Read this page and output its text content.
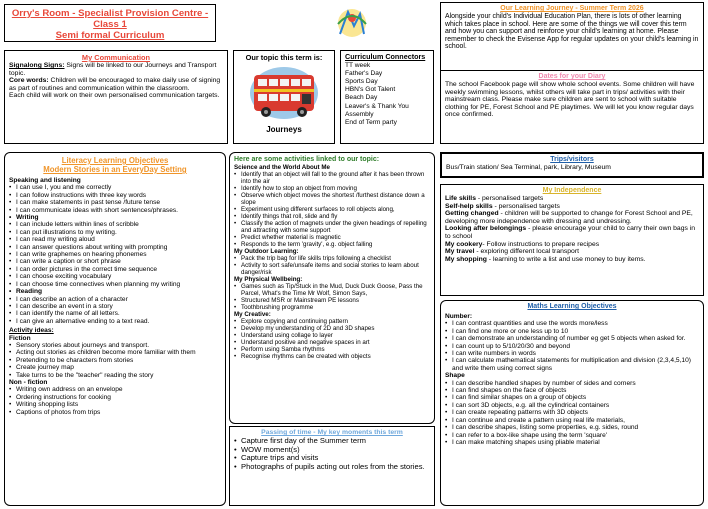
Orry's Room - Specialist Provision Centre - Class 1
Semi formal Curriculum
Our Learning Journey - Summer Term 2026
Alongside your child's Individual Education Plan, there is lots of other learning which takes place in school. Here are some of the things we will cover this term and how you can support and reinforce your child's learning at home. Please remember to check the Evisense App for regular updates on your child's learning in school.
My Communication
Signalong Signs: Signs will be linked to our Journeys and Transport topic.
Core words: Children will be encouraged to make daily use of signing as part of routines and communication within the classroom.
Each child will work on their own personalised communication targets.
Our topic this term is:
Journeys
Curriculum Connectors
TT week
Father's Day
Sports Day
HBN's Got Talent
Beach Day
Leaver's & Thank You Assembly
End of Term party
Dates for your Diary
The school Facebook page will show whole school events. Some children will have weekly swimming lessons, whilst others will take part in trips/ activities with their mainstream class. Please make sure children are sent to school with suitable clothing for PE, Forest School and PE playtimes. We will let you know regular days once confirmed.
Literacy Learning Objectives
Modern Stories in an EveryDay Setting
Speaking and listening
• I can use I, you and me correctly
• I can follow instructions with three key words
• I can make statements in past tense /future tense
• I can communicate ideas with short sentences/phrases.
• Writing
• I can include letters within lines of scribble
• I can put illustrations to my writing.
• I can read my writing aloud
• I can answer questions about writing with prompting
• I can write graphemes on hearing phonemes
• I can write a caption or short phrase
• I can order pictures in the correct time sequence
• I can choose exciting vocabulary
• I can choose time connectives when planning my writing
• Reading
• I can describe an action of a character
• I can describe an event in a story
• I can identify the name of all letters.
• I can give an alternative ending to a text read.
Activity ideas:
Fiction
• Sensory stories about journeys and transport.
• Acting out stories as children become more familiar with them
• Pretending to be characters from stories
• Create journey map
• Take turns to be the "teacher" reading the story
Non - fiction
• Writing own address on an envelope
• Ordering instructions for cooking
• Writing shopping lists
• Captions of photos from trips
Here are some activities linked to our topic:
Science and the World About Me
• Identify that an object will fall to the ground after it has been thrown into the air
• Identify how to stop an object from moving
• Observe which object moves the shortest /furthest distance down a slope
• Experiment using different surfaces to roll objects along,
• Identify things that roll, slide and fly
• Classify the action of magnets under the given headings of repelling and attracting with some support
• Predict whether material is magnetic
• Responds to the term 'gravity', e.g. object falling
My Outdoor Learning:
• Pack the trip bag for life skills trips following a checklist
• Activity to sort safe/unsafe items and social stories to learn about danger/risk
My Physical Wellbeing:
• Games such as Tip/Stuck in the Mud, Duck Duck Goose, Pass the Parcel, What's the Time Mr Wolf, Simon Says,
• Structured MSR or Mainstream PE lessons
• Toothbrushing programme
My Creative:
• Explore copying and continuing pattern
• Develop my understanding of 2D and 3D shapes
• Understand using collage to layer
• Understand positive and negative spaces in art
• Perform using Samba rhythms
• Recognise rhythms can be created with objects
Passing of time - My key moments this term
• Capture first day of the Summer term
• WOW moment(s)
• Capture trips and visits
• Photographs of pupils acting out roles from the stories.
Trips/visitors
Bus/Train station/ Sea Terminal, park, Library, Museum
My Independence
Life skills - personalised targets
Self-help skills - personalised targets
Getting changed - children will be supported to change for Forest School and PE, developing more independence with dressing and undressing.
Looking after belongings - please encourage your child to carry their own bags in to school
My cookery- Follow instructions to prepare recipes
My travel - exploring different local transport
My shopping - learning to write a list and use money to buy items.
Maths Learning Objectives
Number:
• I can contrast quantities and use the words more/less
• I can find one more or one less up to 10
• I can demonstrate an understanding of number eg get 5 objects when asked for.
• I can count up to 5/10/20/30 and beyond
• I can write numbers in words
• I can calculate mathematical statements for multiplication and division (2,3,4,5,10) and write them using correct signs
Shape
• I can describe handled shapes by number of sides and corners
• I can find shapes on the face of objects
• I can find similar shapes on a group of objects
• I can sort 3D objects, e.g. all the cylindrical containers
• I can create repeating patterns with 3D objects
• I can continue and create a pattern using real life materials,
• I can describe shapes, listing some properties, e.g. sides, round
• I can refer to a box-like shape using the term 'square'
• I can make matching shapes using pliable material
